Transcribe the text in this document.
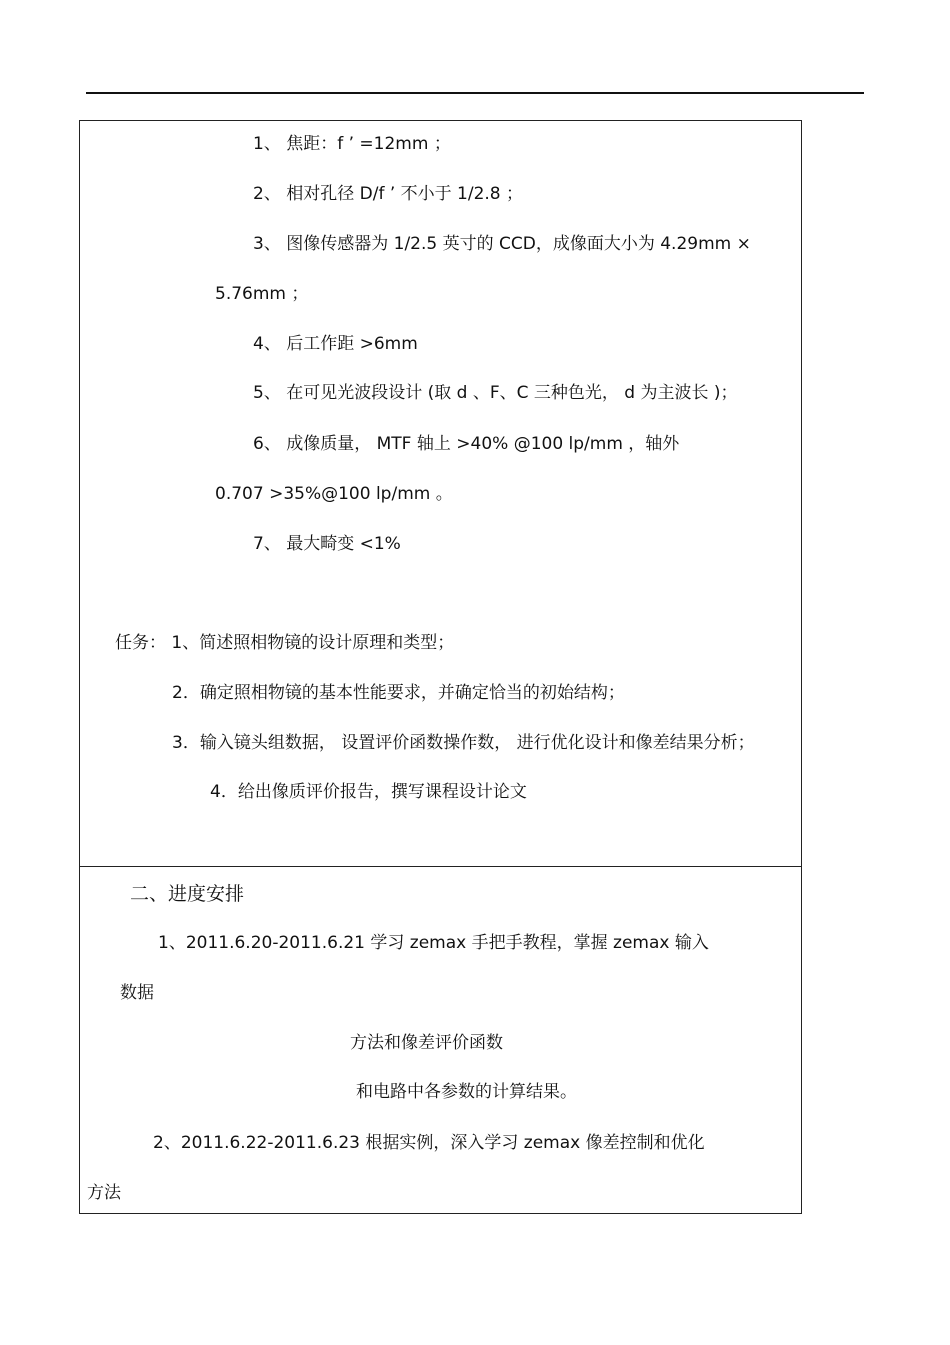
1、 焦距：f ’ =12mm ；
2、 相对孔径 D/f ’ 不小于 1/2.8 ；
3、 图像传感器为 1/2.5 英寸的 CCD，成像面大小为 4.29mm ×
5.76mm ；
4、 后工作距 >6mm
5、 在可见光波段设计 (取 d 、F、C 三种色光， d 为主波长 )；
6、 成像质量， MTF 轴上 >40% @100 lp/mm ，轴外
0.707 >35%@100 lp/mm 。
7、 最大畸变 <1%
任务： 1、简述照相物镜的设计原理和类型；
2．确定照相物镜的基本性能要求，并确定恰当的初始结构；
3．输入镜头组数据， 设置评价函数操作数， 进行优化设计和像差结果分析；
4．给出像质评价报告，撰写课程设计论文
二、进度安排
1、2011.6.20-2011.6.21 学习 zemax 手把手教程，掌握 zemax 输入
数据
方法和像差评价函数
和电路中各参数的计算结果。
2、2011.6.22-2011.6.23 根据实例，深入学习 zemax 像差控制和优化
方法
